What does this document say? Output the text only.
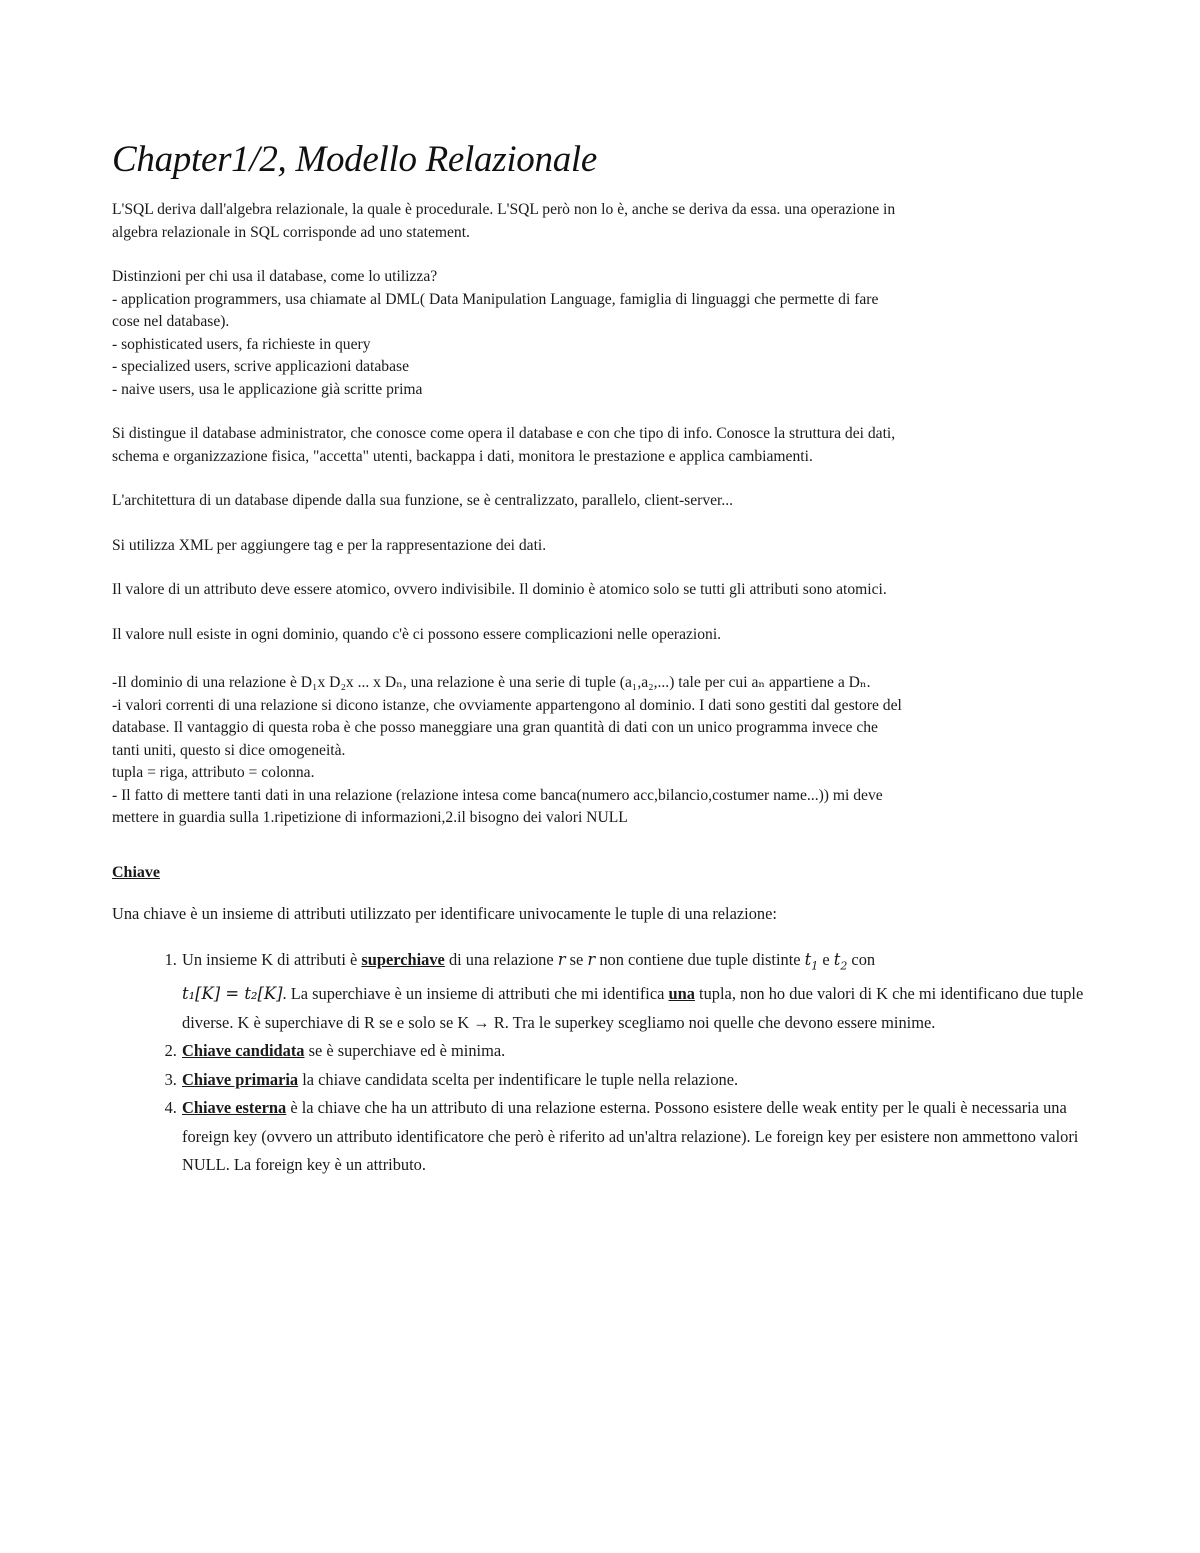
Chapter1/2, Modello Relazionale

L'SQL deriva dall'algebra relazionale, la quale è procedurale. L'SQL però non lo è, anche se deriva da essa. una operazione in
algebra relazionale in SQL corrisponde ad uno statement.

Distinzioni per chi usa il database, come lo utilizza?
- application programmers, usa chiamate al DML( Data Manipulation Language, famiglia di linguaggi che permette di fare
cose nel database).
- sophisticated users, fa richieste in query
- specialized users, scrive applicazioni database
- naive users, usa le applicazione già scritte prima

Si distingue il database administrator, che conosce come opera il database e con che tipo di info. Conosce la struttura dei dati,
schema e organizzazione fisica, "accetta" utenti, backappa i dati, monitora le prestazione e applica cambiamenti.

L'architettura di un database dipende dalla sua funzione, se è centralizzato, parallelo, client-server...

Si utilizza XML per aggiungere tag e per la rappresentazione dei dati.

Il valore di un attributo deve essere atomico, ovvero indivisibile. Il dominio è atomico solo se tutti gli attributi sono atomici.

Il valore null esiste in ogni dominio, quando c'è ci possono essere complicazioni nelle operazioni.

-Il dominio di una relazione è D₁x D₂x ... x Dₙ, una relazione è una serie di tuple (a₁,a₂,...) tale per cui aₙ appartiene a Dₙ.
-i valori correnti di una relazione si dicono istanze, che ovviamente appartengono al dominio. I dati sono gestiti dal gestore del
database. Il vantaggio di questa roba è che posso maneggiare una gran quantità di dati con un unico programma invece che
tanti uniti, questo si dice omogeneità.
tupla = riga, attributo = colonna.
- Il fatto di mettere tanti dati in una relazione (relazione intesa come banca(numero acc,bilancio,costumer name...)) mi deve
mettere in guardia sulla 1.ripetizione di informazioni,2.il bisogno dei valori NULL

Chiave

Una chiave è un insieme di attributi utilizzato per identificare univocamente le tuple di una relazione:

1. Un insieme K di attributi è superchiave di una relazione r se r non contiene due tuple distinte $t_1$ e $t_2$ con
t₁[K] = t₂[K]. La superchiave è un insieme di attributi che mi identifica una tupla, non ho due valori di K che mi identificano due tuple diverse. K è superchiave di R se e solo se K → R. Tra le superkey scegliamo noi quelle che devono essere minime.
2. Chiave candidata se è superchiave ed è minima.
3. Chiave primaria la chiave candidata scelta per indentificare le tuple nella relazione.
4. Chiave esterna è la chiave che ha un attributo di una relazione esterna. Possono esistere delle weak entity per le quali è necessaria una foreign key (ovvero un attributo identificatore che però è riferito ad un'altra relazione). Le foreign key per esistere non ammettono valori NULL. La foreign key è un attributo.
